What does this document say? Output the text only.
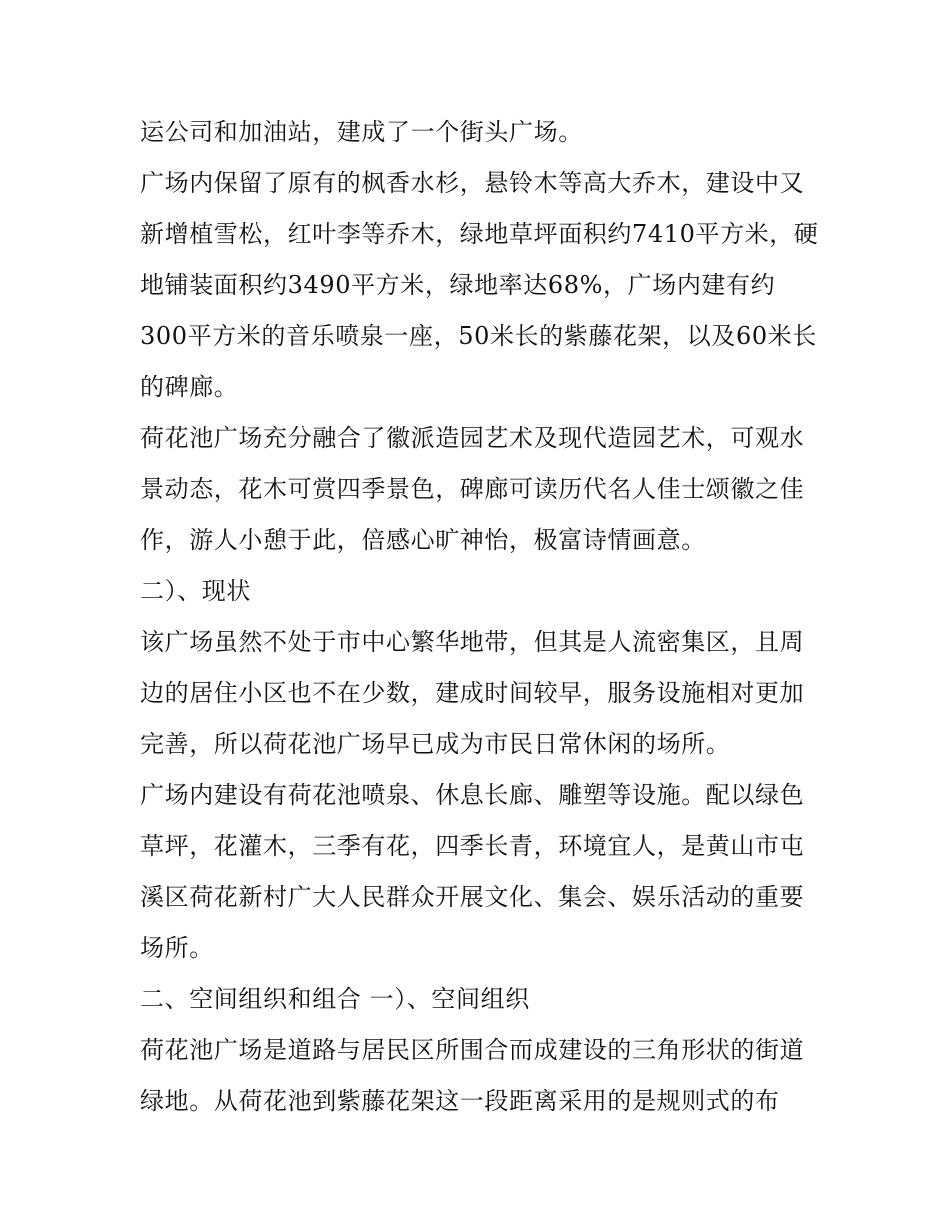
运公司和加油站，建成了一个街头广场。

广场内保留了原有的枫香水杉，悬铃木等高大乔木，建设中又新增植雪松，红叶李等乔木，绿地草坪面积约7410平方米，硬地铺装面积约3490平方米，绿地率达68%，广场内建有约300平方米的音乐喷泉一座，50米长的紫藤花架，以及60米长的碑廊。

荷花池广场充分融合了徽派造园艺术及现代造园艺术，可观水景动态，花木可赏四季景色，碑廊可读历代名人佳士颂徽之佳作，游人小憩于此，倍感心旷神怡，极富诗情画意。

二）、现状

该广场虽然不处于市中心繁华地带，但其是人流密集区，且周边的居住小区也不在少数，建成时间较早，服务设施相对更加完善，所以荷花池广场早已成为市民日常休闲的场所。

广场内建设有荷花池喷泉、休息长廊、雕塑等设施。配以绿色草坪，花灌木，三季有花，四季长青，环境宜人，是黄山市屯溪区荷花新村广大人民群众开展文化、集会、娱乐活动的重要场所。

二、空间组织和组合 一）、空间组织

荷花池广场是道路与居民区所围合而成建设的三角形状的街道绿地。从荷花池到紫藤花架这一段距离采用的是规则式的布
